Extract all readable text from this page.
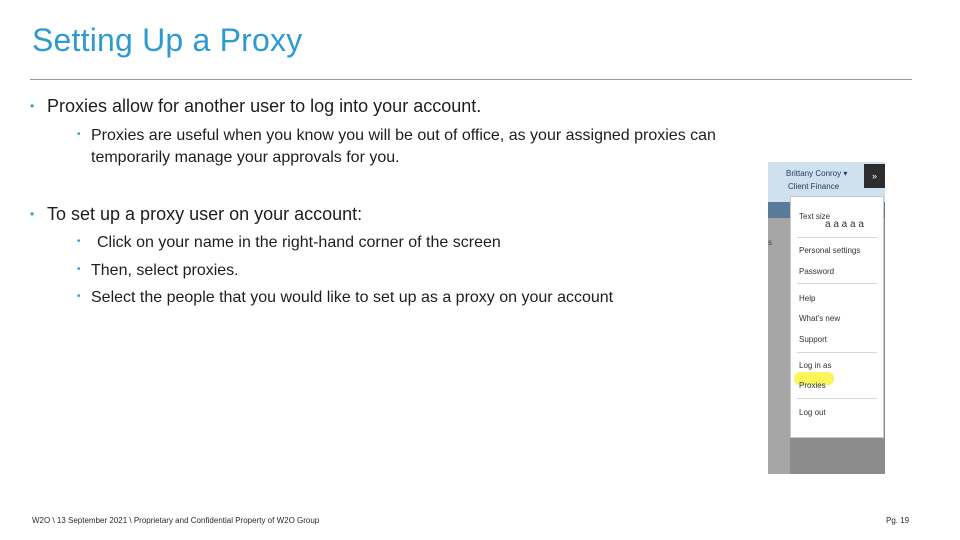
Setting Up a Proxy
• Proxies allow for another user to log into your account.
• Proxies are useful when you know you will be out of office, as your assigned proxies can
temporarily manage your approvals for you.
• To set up a proxy user on your account:
• Click on your name in the right-hand corner of the screen
• Then, select proxies.
• Select the people that you would like to set up as a proxy on your account
Brittany Conroy ▾
Client Finance
»
s
Text size
a a a a a
Personal settings
Password
Help
What's new
Support
Log in as
Proxies
Log out
W2O \ 13 September 2021 \ Proprietary and Confidential Property of W2O Group	Pg. 19
